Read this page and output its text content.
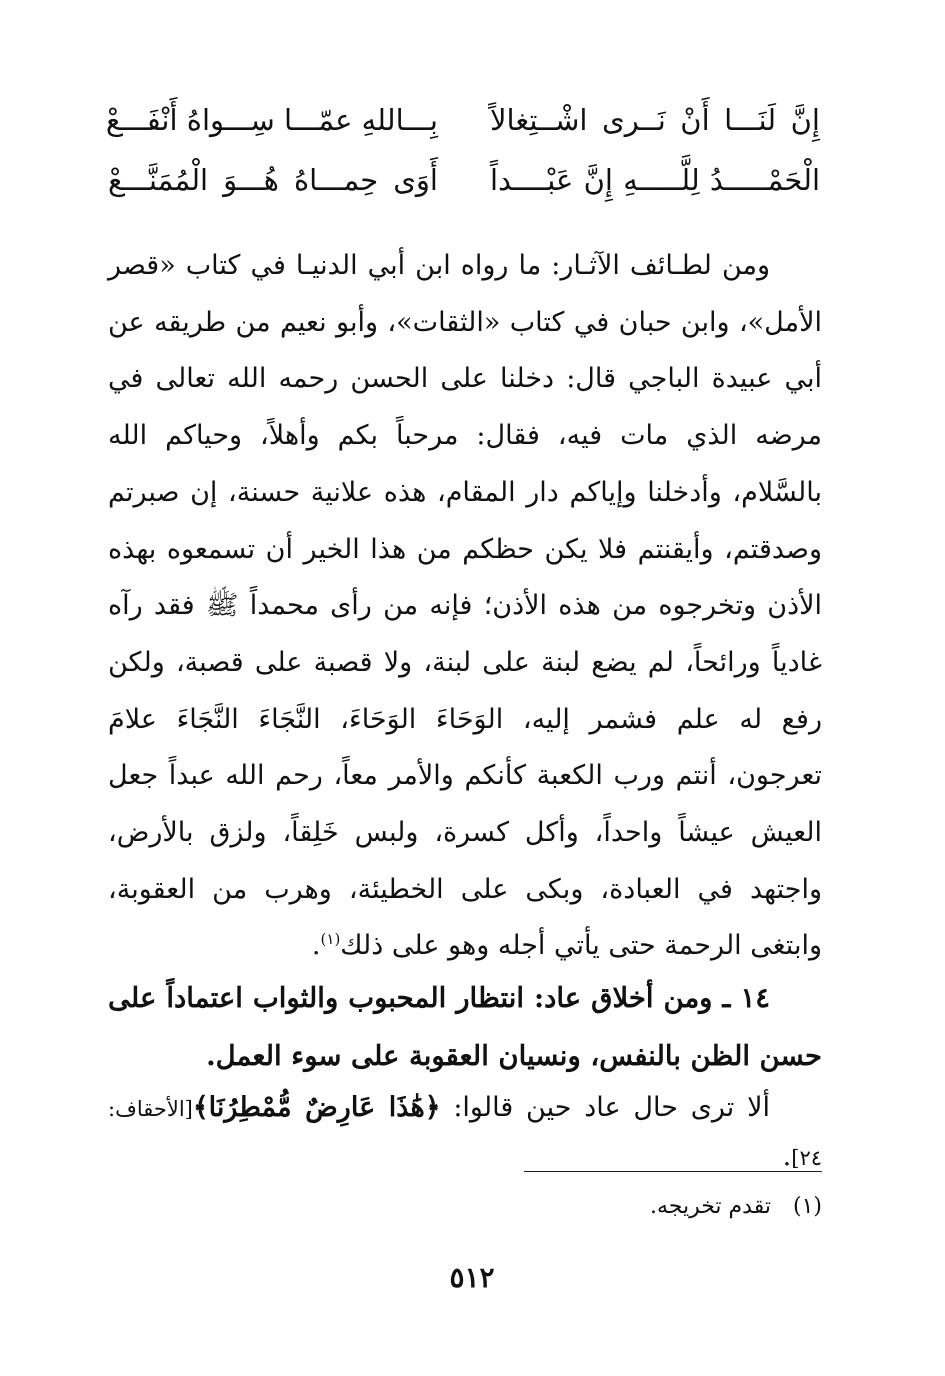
إِنَّ لَنَـــا أَنْ نَــرى اشْــتِغالاً
بِـــاللهِ عمّـــا سِـــواهُ أَنْفَـــعْ
الْحَمْـــــدُ لِلَّـــــهِ إِنَّ عَبْــــداً
أَوَى حِمـــاهُ هُـــوَ الْمُمَنَّـــعْ

ومن لطـائف الآثـار: ما رواه ابن أبي الدنيـا في كتاب «قصر الأمل»، وابن حبان في كتاب «الثقات»، وأبو نعيم من طريقه عن أبي عبيدة الباجي قال: دخلنا على الحسن رحمه الله تعالى في مرضه الذي مات فيه، فقال: مرحباً بكم وأهلاً، وحياكم الله بالسَّلام، وأدخلنا وإياكم دار المقام، هذه علانية حسنة، إن صبرتم وصدقتم، وأيقنتم فلا يكن حظكم من هذا الخير أن تسمعوه بهذه الأذن وتخرجوه من هذه الأذن؛ فإنه من رأى محمداً ﷺ فقد رآه غادياً ورائحاً، لم يضع لبنة على لبنة، ولا قصبة على قصبة، ولكن رفع له علم فشمر إليه، الوَحَاءَ الوَحَاءَ، النَّجَاءَ النَّجَاءَ علامَ تعرجون، أنتم ورب الكعبة كأنكم والأمر معاً، رحم الله عبداً جعل العيش عيشاً واحداً، وأكل كسرة، ولبس خَلِقاً، ولزق بالأرض، واجتهد في العبادة، وبكى على الخطيئة، وهرب من العقوبة، وابتغى الرحمة حتى يأتي أجله وهو على ذلك$^{(١)}$.

١٤ ـ ومن أخلاق عاد: انتظار المحبوب والثواب اعتماداً على حسن الظن بالنفس، ونسيان العقوبة على سوء العمل.

ألا ترى حال عاد حين قالوا: ﴿هَٰذَا عَارِضٌ مُّمْطِرُنَا﴾[الأحقاف: ٢٤].

(١)تقدم تخريجه.
٥١٢
